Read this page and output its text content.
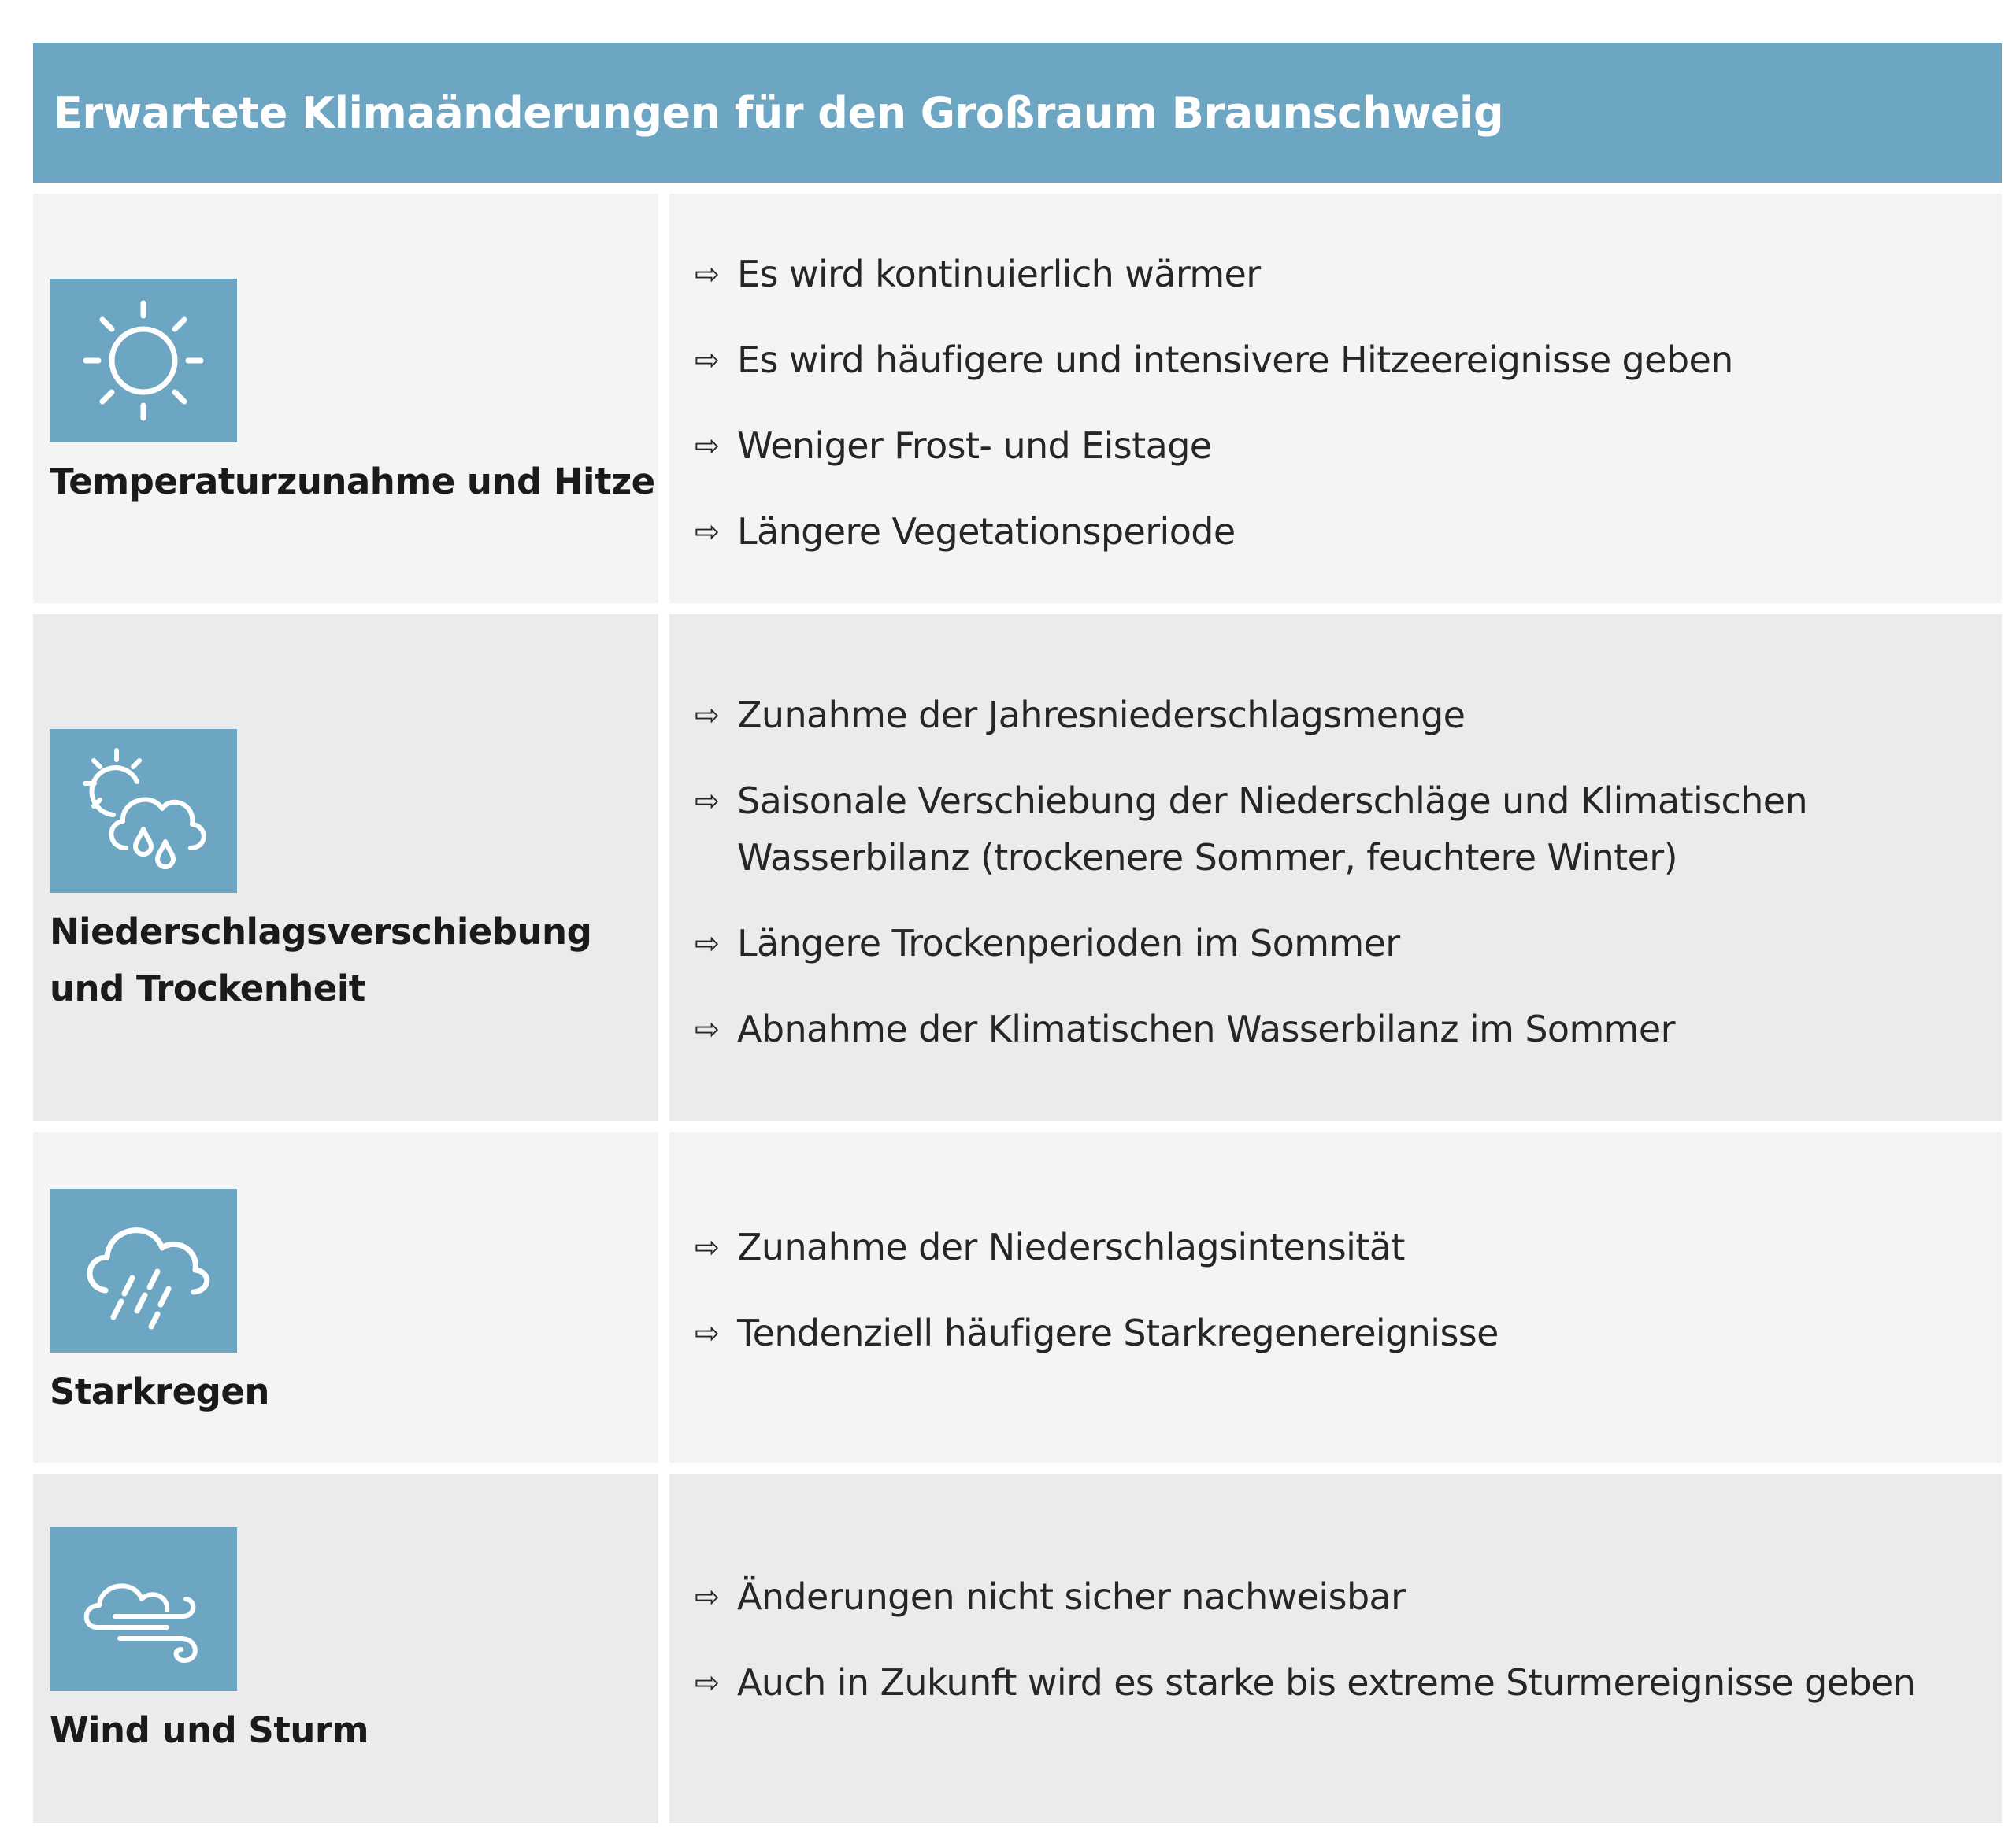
Erwartete Klimaänderungen für den Großraum Braunschweig
Temperaturzunahme und Hitze
⇨ Es wird kontinuierlich wärmer
⇨ Es wird häufigere und intensivere Hitzeereignisse geben
⇨ Weniger Frost- und Eistage
⇨ Längere Vegetationsperiode
Niederschlagsverschiebung und Trockenheit
⇨ Zunahme der Jahresniederschlagsmenge
⇨ Saisonale Verschiebung der Niederschläge und Klimatischen Wasserbilanz (trockenere Sommer, feuchtere Winter)
⇨ Längere Trockenperioden im Sommer
⇨ Abnahme der Klimatischen Wasserbilanz im Sommer
Starkregen
⇨ Zunahme der Niederschlagsintensität
⇨ Tendenziell häufigere Starkregenereignisse
Wind und Sturm
⇨ Änderungen nicht sicher nachweisbar
⇨ Auch in Zukunft wird es starke bis extreme Sturmereignisse geben
